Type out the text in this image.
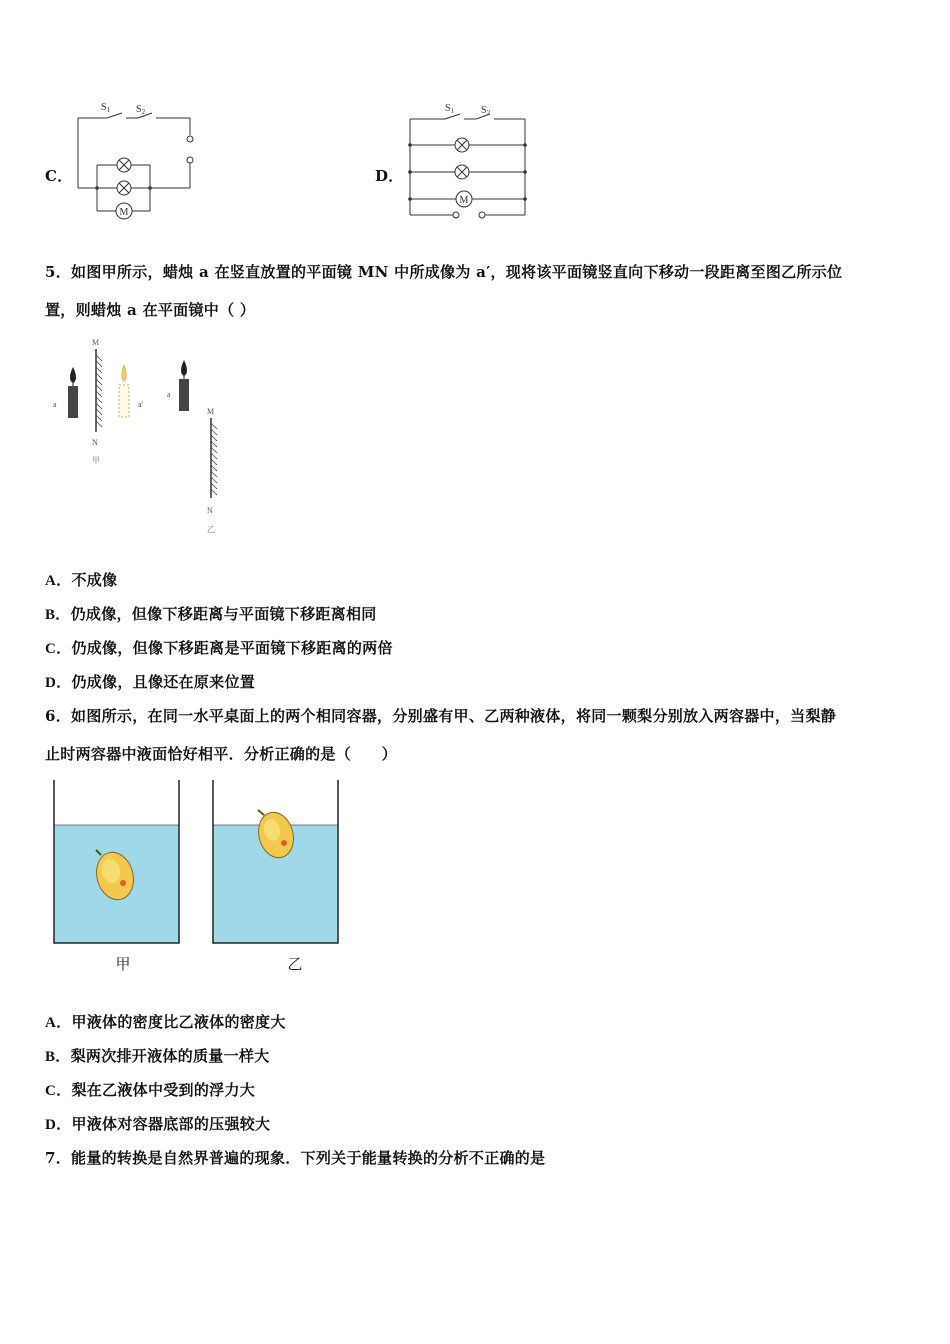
C．
M
$S_1$	$S_2$
D．
M
$S_1$	$S_2$
5．如图甲所示，蜡烛 a 在竖直放置的平面镜 MN 中所成像为 a′，现将该平面镜竖直向下移动一段距离至图乙所示位
置，则蜡烛 a 在平面镜中（ ）
a
M
N
甲
a'
a
M
N
乙
A．不成像
B．仍成像，但像下移距离与平面镜下移距离相同
C．仍成像，但像下移距离是平面镜下移距离的两倍
D．仍成像，且像还在原来位置
6．如图所示，在同一水平桌面上的两个相同容器，分别盛有甲、乙两种液体，将同一颗梨分别放入两容器中，当梨静
止时两容器中液面恰好相平．分析正确的是（　　）
甲	乙
A．甲液体的密度比乙液体的密度大
B．梨两次排开液体的质量一样大
C．梨在乙液体中受到的浮力大
D．甲液体对容器底部的压强较大
7．能量的转换是自然界普遍的现象．下列关于能量转换的分析不正确的是
